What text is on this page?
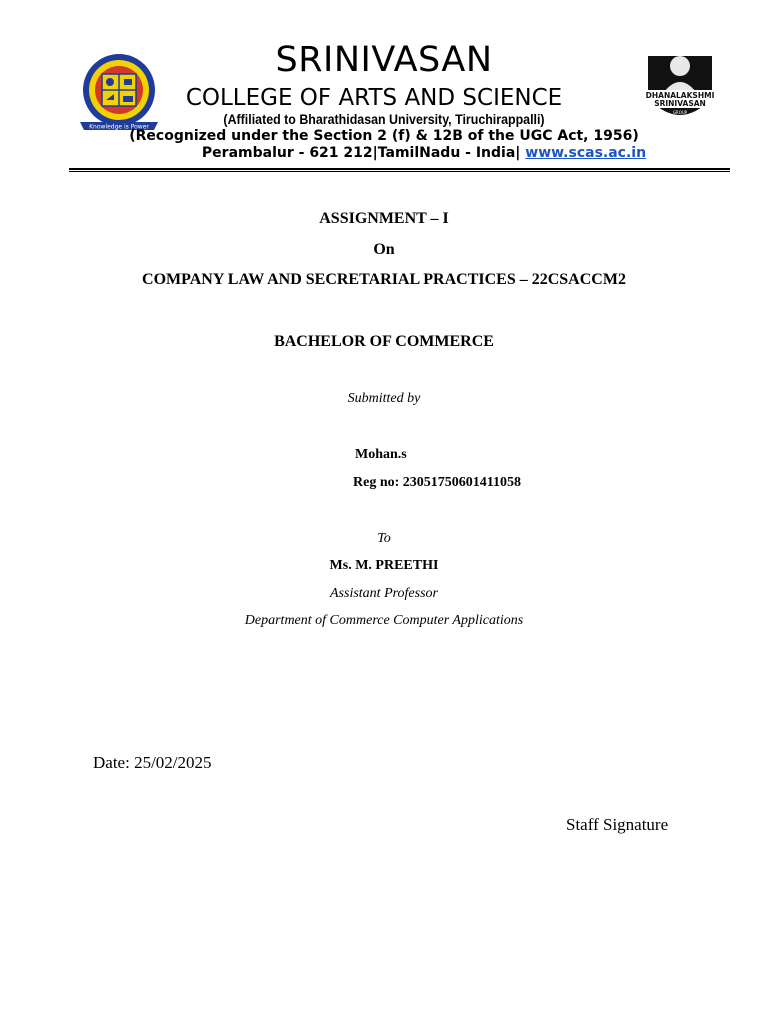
Knowledge is Power
DHANALAKSHMI
SRINIVASAN
GROUP
★★★★
SRINIVASAN
COLLEGE OF ARTS AND SCIENCE
(Affiliated to Bharathidasan University, Tiruchirappalli)
(Recognized under the Section 2 (f) & 12B of the UGC Act, 1956)
Perambalur - 621 212|TamilNadu - India| www.scas.ac.in
ASSIGNMENT – I
On
COMPANY LAW AND SECRETARIAL PRACTICES – 22CSACCM2
BACHELOR OF COMMERCE
Submitted by
Mohan.s
Reg no: 23051750601411058
To
Ms. M. PREETHI
Assistant Professor
Department of Commerce Computer Applications
Date: 25/02/2025
Staff Signature
